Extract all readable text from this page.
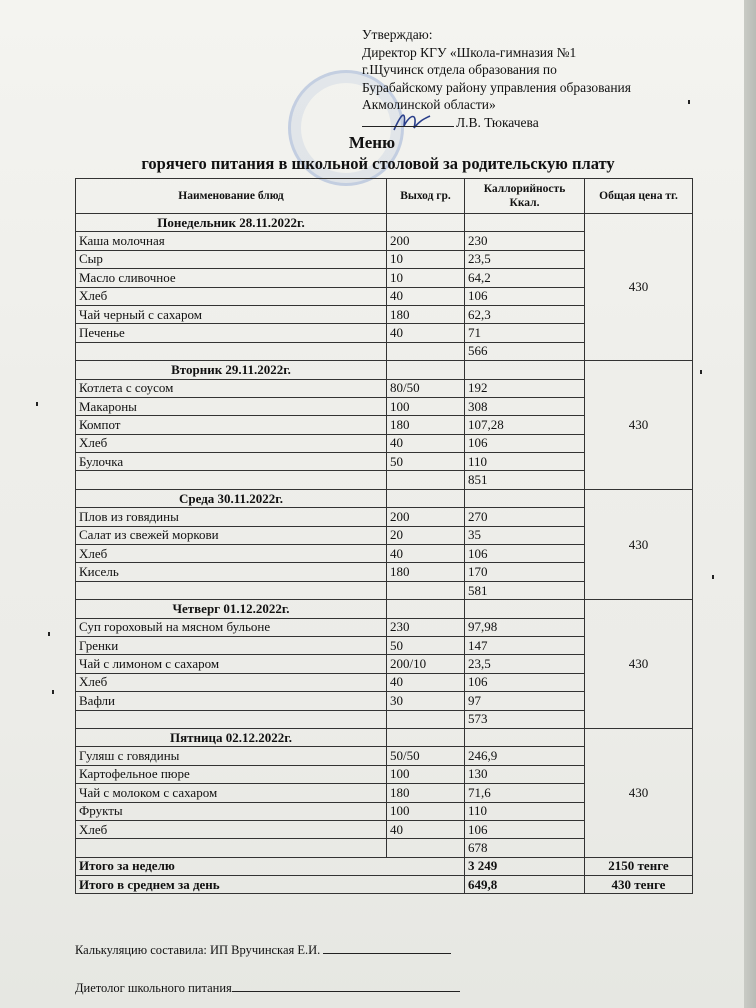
Утверждаю:
Директор КГУ «Школа-гимназия №1
г.Щучинск отдела образования по
Бурабайскому району управления образования
Акмолинской области»
Л.В. Тюкачева
Меню
горячего питания в школьной столовой за родительскую плату
Наименование блюд	Выход гр.	Каллорийность Ккал.	Общая цена тг.
Понедельник 28.11.2022г.			430
Каша молочная	200	230	
Сыр	10	23,5	
Масло сливочное	10	64,2	
Хлеб	40	106	
Чай черный с сахаром	180	62,3	
Печенье	40	71	
		566	
Вторник 29.11.2022г.			430
Котлета с соусом	80/50	192	
Макароны	100	308	
Компот	180	107,28	
Хлеб	40	106	
Булочка	50	110	
		851	
Среда 30.11.2022г.			430
Плов из говядины	200	270	
Салат из свежей моркови	20	35	
Хлеб	40	106	
Кисель	180	170	
		581	
Четверг 01.12.2022г.			430
Суп гороховый на мясном бульоне	230	97,98	
Гренки	50	147	
Чай с лимоном с сахаром	200/10	23,5	
Хлеб	40	106	
Вафли	30	97	
		573	
Пятница 02.12.2022г.			430
Гуляш с говядины	50/50	246,9	
Картофельное пюре	100	130	
Чай с молоком с сахаром	180	71,6	
Фрукты	100	110	
Хлеб	40	106	
		678	
Итого за неделю		3 249	2150 тенге
Итого в среднем за день		649,8	430 тенге
Калькуляцию составила: ИП Вручинская Е.И.
Диетолог школьного питания
